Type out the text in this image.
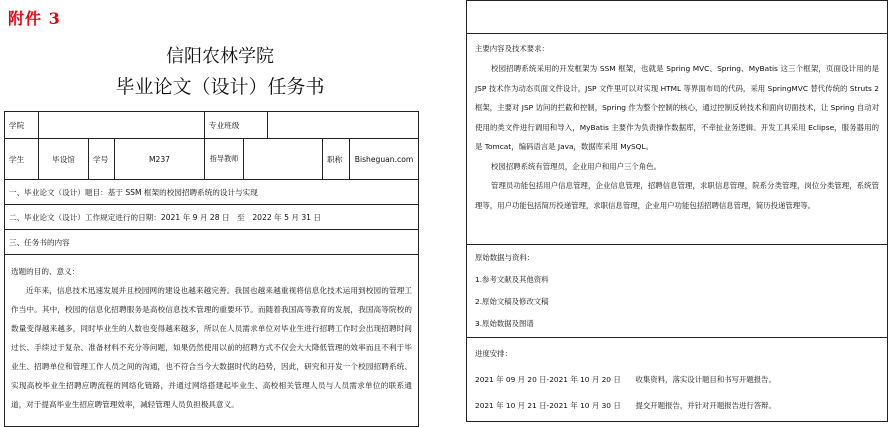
附件 3
信阳农林学院
毕业论文（设计）任务书
学院				专业班级				
学生	毕设馆	学号	M237	指导教师			职称	Bisheguan.com
一、毕业论文（设计）题目：基于 SSM 框架的校园招聘系统的设计与实现								
二、毕业论文（设计）工作规定进行的日期：2021 年 9 月 28 日　至　2022 年 5 月 31 日								
三、任务书的内容								

选题的目的、意义：

近年来，信息技术迅速发展并且校园网的建设也越来越完善。我国也越来越重视将信息化技术运用到校园的管理工作当中。其中，校园的信息化招聘服务是高校信息技术管理的重要环节。而随着我国高等教育的发展，我国高等院校的数量变得越来越多，同时毕业生的人数也变得越来越多，所以在人员需求单位对毕业生进行招聘工作时会出现招聘时间过长、手续过于复杂、准备材料不充分等问题，如果仍然使用以前的招聘方式不仅会大大降低管理的效率而且不利于毕业生、招聘单位和管理工作人员之间的沟通，也不符合当今大数据时代的趋势，因此，研究和开发一个校园招聘系统、实现高校毕业生招聘应聘流程的网络化链路，并通过网络搭建起毕业生、高校相关管理人员与人员需求单位的联系通道，对于提高毕业生招应聘管理效率，减轻管理人员负担极具意义。								

主要内容及技术要求：

校园招聘系统采用的开发框架为 SSM 框架，也就是 Spring MVC、Spring、MyBatis 这三个框架，页面设计用的是 JSP 技术作为动态页面文件设计，JSP 文件里可以对实现 HTML 等界面布局的代码，采用 SpringMVC 替代传统的 Struts 2 框架，主要对 JSP 访问的拦截和控制，Spring 作为整个控制的核心，通过控制反转技术和面向切面技术，让 Spring 自动对使用的类文件进行调用和导入，MyBatis 主要作为负责操作数据库，不牵扯业务逻辑。开发工具采用 Eclipse，服务器用的是 Tomcat，编码语言是 Java，数据库采用 MySQL。

校园招聘系统有管理员，企业用户和用户三个角色。

管理员功能包括用户信息管理，企业信息管理，招聘信息管理，求职信息管理，院系分类管理，岗位分类管理，系统管理等，用户功能包括简历投递管理，求职信息管理，企业用户功能包括招聘信息管理，简历投递管理等。

原始数据与资料：

1.参考文献及其他资料

2.原始文稿及修改文稿

3.原始数据及图谱

进度安排：

2021 年 09 月 20 日-2021 年 10 月 20 日　　收集资料，落实设计题目和书写开题报告。

2021 年 10 月 21 日-2021 年 10 月 30 日　　提交开题报告，并针对开题报告进行答辩。
